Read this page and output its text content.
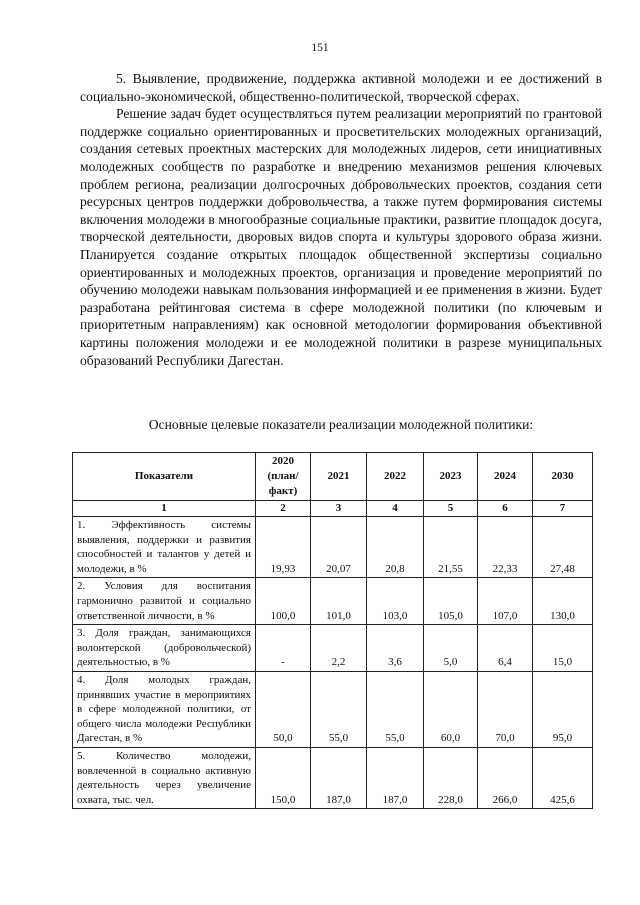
151

5. Выявление, продвижение, поддержка активной молодежи и ее достижений в социально-экономической, общественно-политической, творческой сферах.

Решение задач будет осуществляться путем реализации мероприятий по грантовой поддержке социально ориентированных и просветительских молодежных организаций, создания сетевых проектных мастерских для молодежных лидеров, сети инициативных молодежных сообществ по разработке и внедрению механизмов решения ключевых проблем региона, реализации долгосрочных добровольческих проектов, создания сети ресурсных центров поддержки добровольчества, а также путем формирования системы включения молодежи в многообразные социальные практики, развитие площадок досуга, творческой деятельности, дворовых видов спорта и культуры здорового образа жизни. Планируется создание открытых площадок общественной экспертизы социально ориентированных и молодежных проектов, организация и проведение мероприятий по обучению молодежи навыкам пользования информацией и ее применения в жизни. Будет разработана рейтинговая система в сфере молодежной политики (по ключевым и приоритетным направлениям) как основной методологии формирования объективной картины положения молодежи и ее молодежной политики в разрезе муниципальных образований Республики Дагестан.

Основные целевые показатели реализации молодежной политики:
Показатели	2020 (план/ факт)	2021	2022	2023	2024	2030
1	2	3	4	5	6	7
1. Эффективность системы выявления, поддержки и развития способностей и талантов у детей и молодежи, в %	19,93	20,07	20,8	21,55	22,33	27,48
2. Условия для воспитания гармонично развитой и социально ответственной личности, в %	100,0	101,0	103,0	105,0	107,0	130,0
3. Доля граждан, занимающихся волонтерской (добровольческой) деятельностью, в %	-	2,2	3,6	5,0	6,4	15,0
4. Доля молодых граждан, принявших участие в мероприятиях в сфере молодежной политики, от общего числа молодежи Республики Дагестан, в %	50,0	55,0	55,0	60,0	70,0	95,0
5. Количество молодежи, вовлеченной в социально активную деятельность через увеличение охвата, тыс. чел.	150,0	187,0	187,0	228,0	266,0	425,6
